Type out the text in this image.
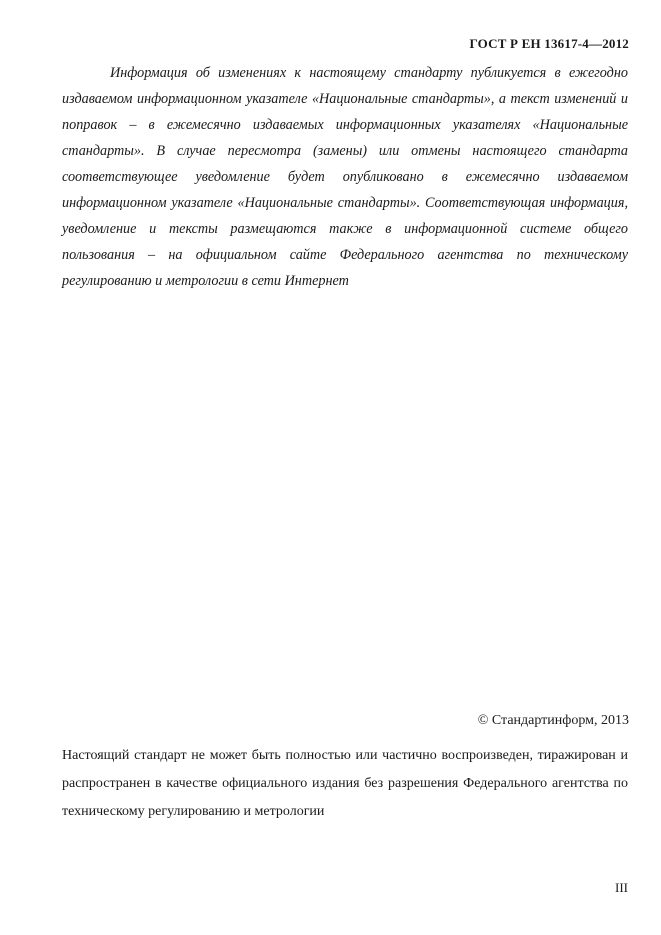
ГОСТ Р ЕН 13617-4—2012

Информация об изменениях к настоящему стандарту публикуется в ежегодно издаваемом информационном указателе «Национальные стандарты», а текст изменений и поправок – в ежемесячно издаваемых информационных указателях «Национальные стандарты». В случае пересмотра (замены) или отмены настоящего стандарта соответствующее уведомление будет опубликовано в ежемесячно издаваемом информационном указателе «Национальные стандарты». Соответствующая информация, уведомление и тексты размещаются также в информационной системе общего пользования – на официальном сайте Федерального агентства по техническому регулированию и метрологии в сети Интернет

© Стандартинформ, 2013

Настоящий стандарт не может быть полностью или частично воспроизведен, тиражирован и распространен в качестве официального издания без разрешения Федерального агентства по техническому регулированию и метрологии

III
